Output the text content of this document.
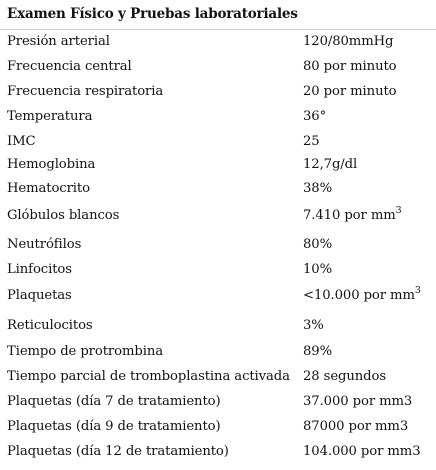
Examen Físico y Pruebas laboratoriales
Presión arterial	120/80mmHg
Frecuencia central	80 por minuto
Frecuencia respiratoria	20 por minuto
Temperatura	36°
IMC	25
Hemoglobina	12,7g/dl
Hematocrito	38%
Glóbulos blancos	7.410 por $mm^3$
Neutrófilos	80%
Linfocitos	10%
Plaquetas	<10.000 por $mm^3$
Reticulocitos	3%
Tiempo de protrombina	89%
Tiempo parcial de tromboplastina activada 28 segundos
Plaquetas (día 7 de tratamiento)	37.000 por mm3
Plaquetas (día 9 de tratamiento)	87000 por mm3
Plaquetas (día 12 de tratamiento)	104.000 por mm3
